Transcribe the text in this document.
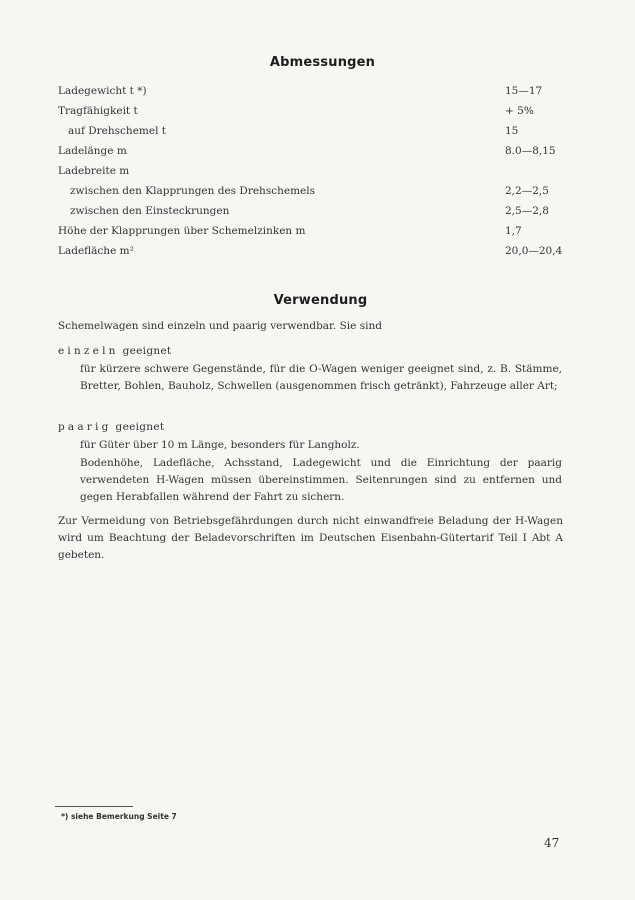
Abmessungen
Ladegewicht t *)	15—17
Tragfähigkeit t	+ 5%
auf Drehschemel t	15
Ladelänge m	8.0—8,15
Ladebreite m
zwischen den Klapprungen des Drehschemels	2,2—2,5
zwischen den Einsteckrungen	2,5—2,8
Höhe der Klapprungen über Schemelzinken m	1,7
Ladefläche m²	20,0—20,4
Verwendung
Schemelwagen sind einzeln und paarig verwendbar. Sie sind
einzeln geeignet
für kürzere schwere Gegenstände, für die O-Wagen weniger geeignet sind, z. B. Stämme, Bretter, Bohlen, Bauholz, Schwellen (ausgenommen frisch getränkt), Fahrzeuge aller Art;
paarig geeignet
für Güter über 10 m Länge, besonders für Langholz.
Bodenhöhe, Ladefläche, Achsstand, Ladegewicht und die Einrichtung der paarig verwendeten H-Wagen müssen übereinstimmen. Seitenrungen sind zu entfernen und gegen Herabfallen während der Fahrt zu sichern.
Zur Vermeidung von Betriebsgefährdungen durch nicht einwandfreie Beladung der H-Wagen wird um Beachtung der Beladevorschriften im Deutschen Eisenbahn-Gütertarif Teil I Abt A gebeten.
*) siehe Bemerkung Seite 7
47
